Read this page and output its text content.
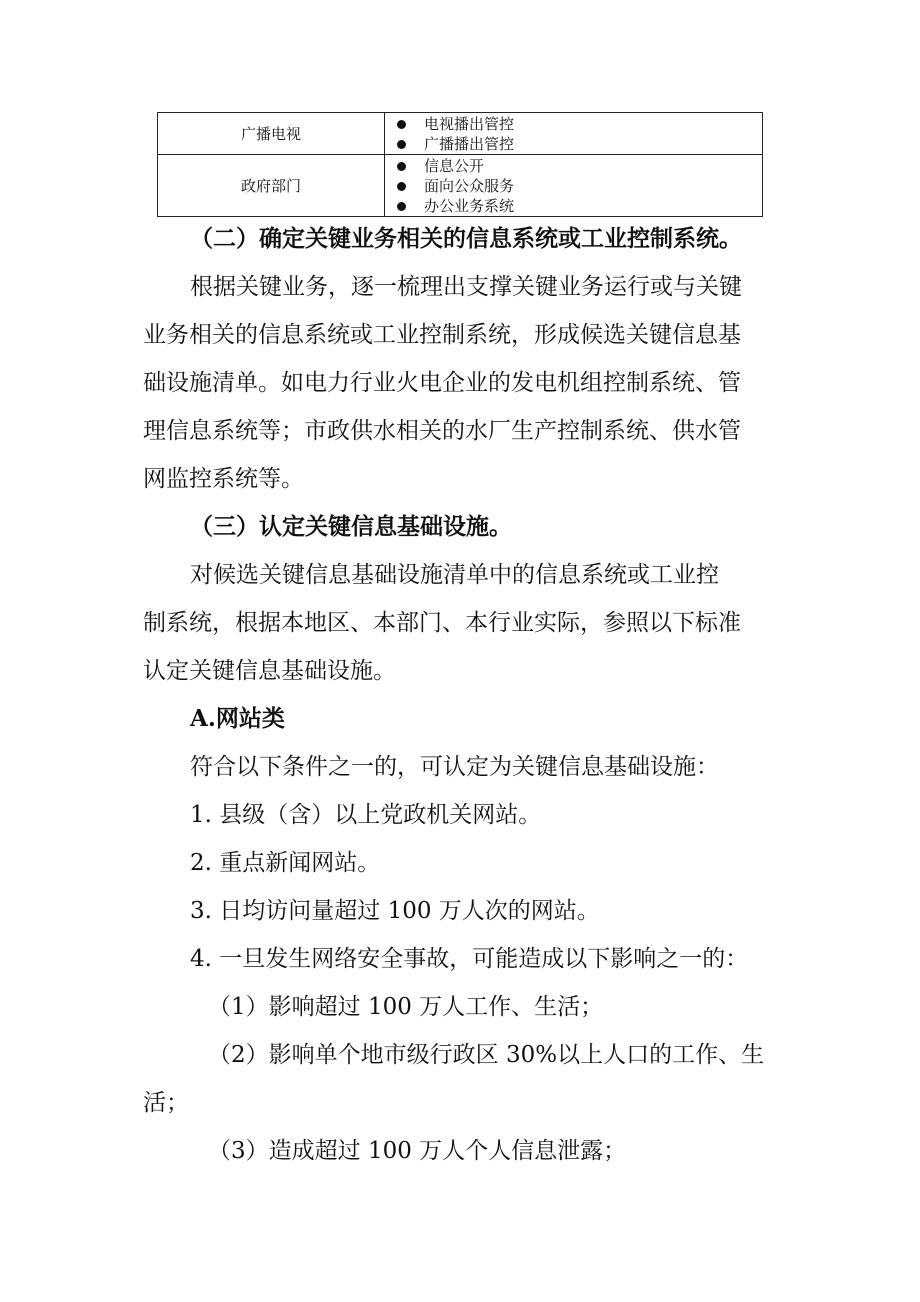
广播电视	电视播出管控
广播播出管控

政府部门	信息公开
面向公众服务
办公业务系统

（二）确定关键业务相关的信息系统或工业控制系统。

根据关键业务，逐一梳理出支撑关键业务运行或与关键

业务相关的信息系统或工业控制系统，形成候选关键信息基

础设施清单。如电力行业火电企业的发电机组控制系统、管

理信息系统等；市政供水相关的水厂生产控制系统、供水管

网监控系统等。

（三）认定关键信息基础设施。

对候选关键信息基础设施清单中的信息系统或工业控

制系统，根据本地区、本部门、本行业实际，参照以下标准

认定关键信息基础设施。

A.网站类

符合以下条件之一的，可认定为关键信息基础设施：

1. 县级（含）以上党政机关网站。

2. 重点新闻网站。

3. 日均访问量超过 100 万人次的网站。

4. 一旦发生网络安全事故，可能造成以下影响之一的：

（1）影响超过 100 万人工作、生活；

（2）影响单个地市级行政区 30%以上人口的工作、生

活；

（3）造成超过 100 万人个人信息泄露；
